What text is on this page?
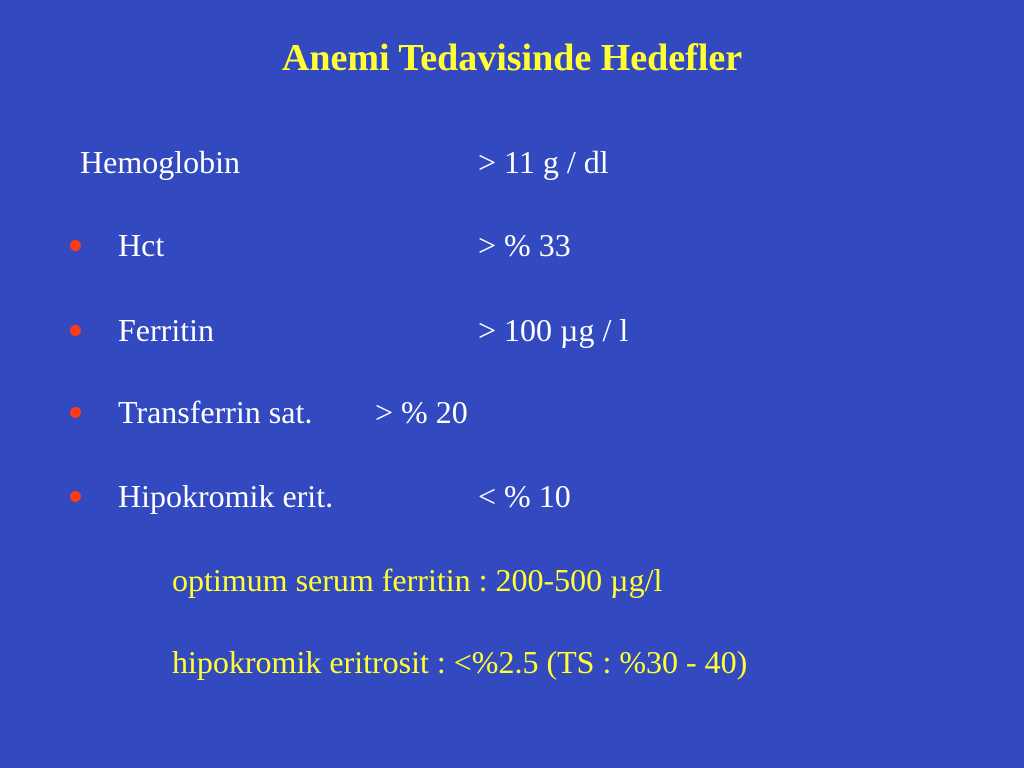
Anemi Tedavisinde Hedefler
Hemoglobin	> 11 g / dl
Hct	> % 33
Ferritin	> 100 µg / l
Transferrin sat. > % 20
Hipokromik erit.	< % 10
optimum serum ferritin : 200-500 µg/l
hipokromik eritrosit : <%2.5 (TS : %30 - 40)
